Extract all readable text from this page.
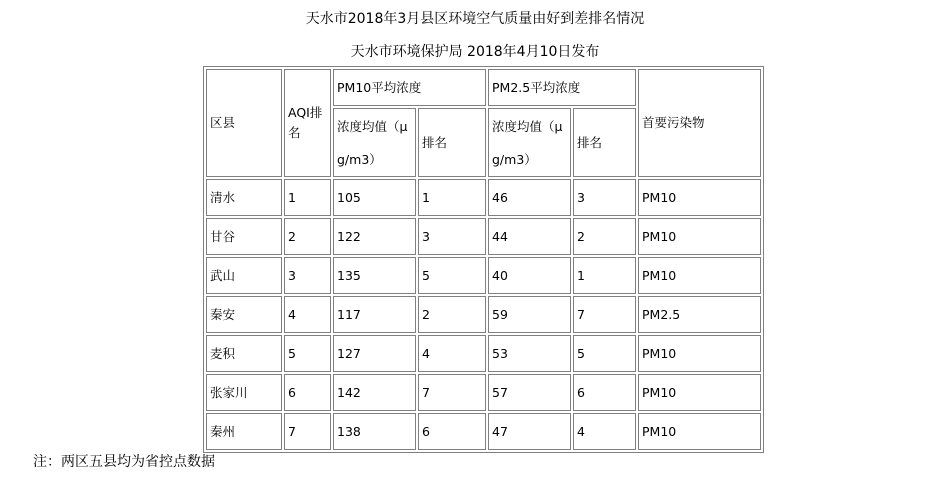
天水市2018年3月县区环境空气质量由好到差排名情况
天水市环境保护局 2018年4月10日发布
区县	AQI排名	PM10平均浓度		PM2.5平均浓度		首要污染物
		浓度均值（μg/m3）	排名	浓度均值（μg/m3）	排名	
清水	1	105	1	46	3	PM10
甘谷	2	122	3	44	2	PM10
武山	3	135	5	40	1	PM10
秦安	4	117	2	59	7	PM2.5
麦积	5	127	4	53	5	PM10
张家川	6	142	7	57	6	PM10
秦州	7	138	6	47	4	PM10
注：两区五县均为省控点数据
